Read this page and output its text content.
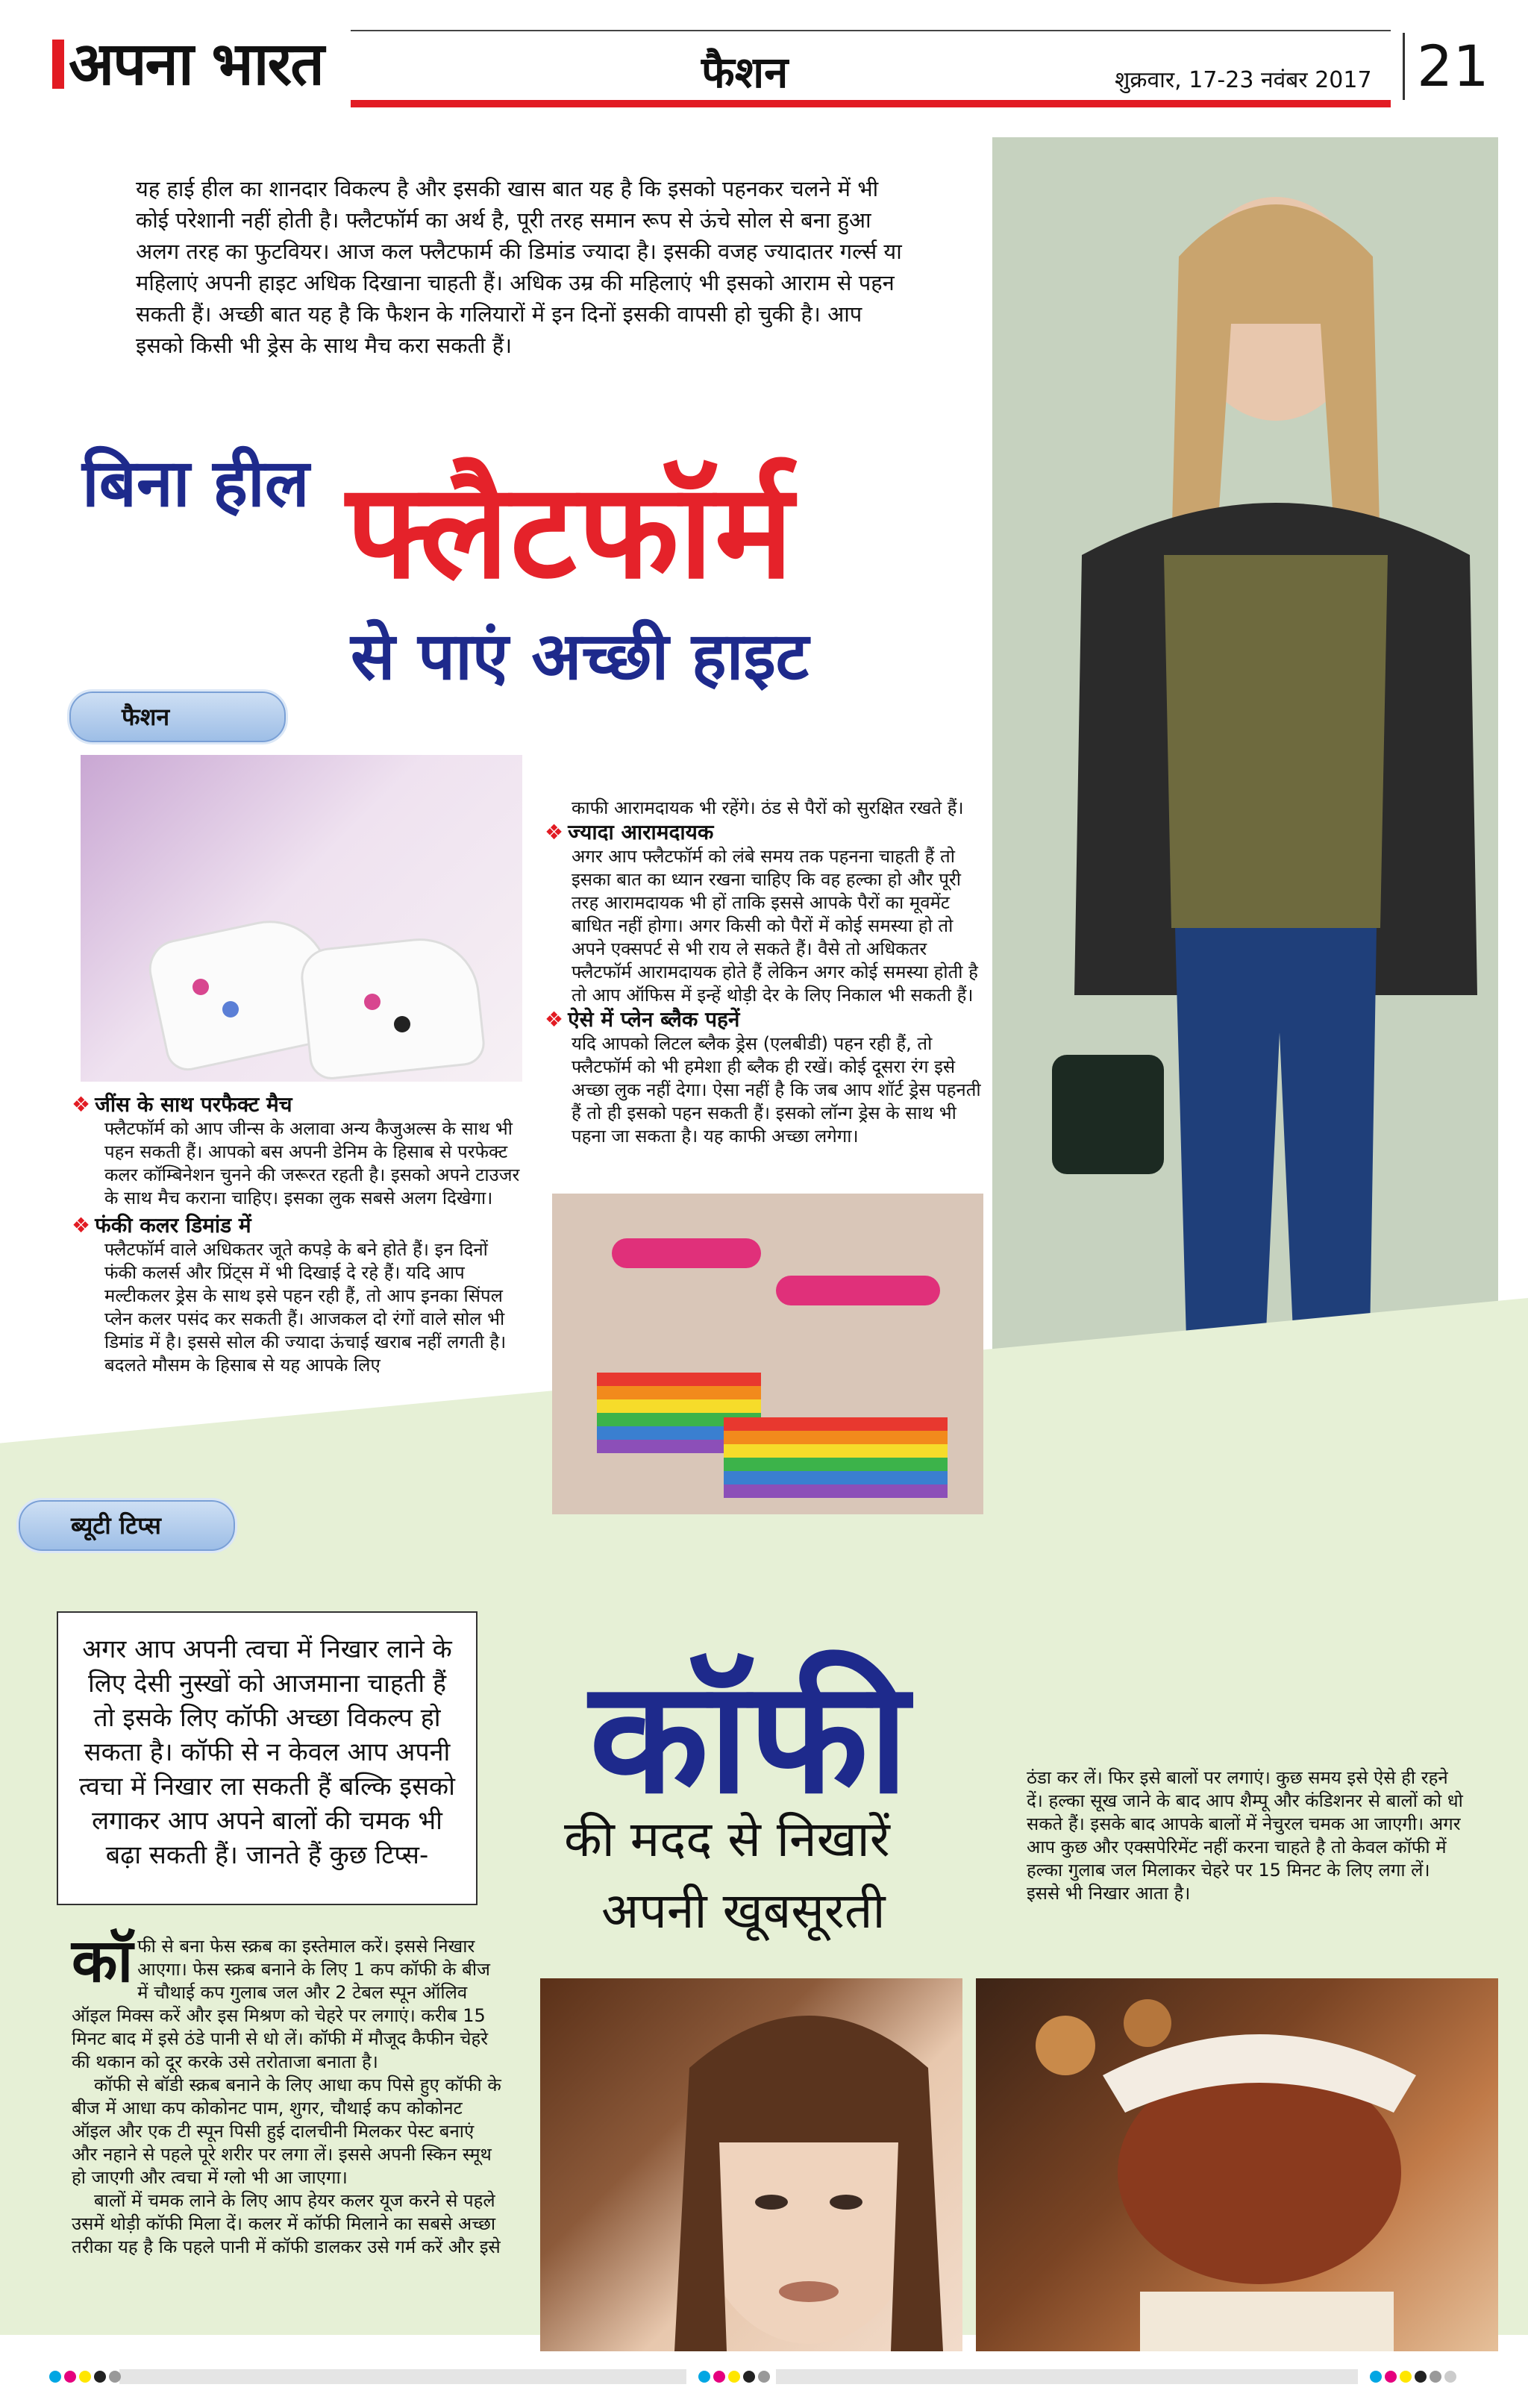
अपना भारत	फैशन	शुक्रवार, 17-23 नवंबर 2017 21
यह हाई हील का शानदार विकल्प है और इसकी खास बात यह है कि इसको पहनकर चलने में भी कोई परेशानी नहीं होती है। फ्लैटफॉर्म का अर्थ है, पूरी तरह समान रूप से ऊंचे सोल से बना हुआ अलग तरह का फुटवियर। आज कल फ्लैटफार्म की डिमांड ज्यादा है। इसकी वजह ज्यादातर गर्ल्स या महिलाएं अपनी हाइट अधिक दिखाना चाहती हैं। अधिक उम्र की महिलाएं भी इसको आराम से पहन सकती हैं। अच्छी बात यह है कि फैशन के गलियारों में इन दिनों इसकी वापसी हो चुकी है। आप इसको किसी भी ड्रेस के साथ मैच करा सकती हैं।
बिना हील फ्लैटफॉर्म
से पाएं अच्छी हाइट
फैशन
❖ जींस के साथ परफैक्ट मैच
फ्लैटफॉर्म को आप जीन्स के अलावा अन्य कैजुअल्स के साथ भी पहन सकती हैं। आपको बस अपनी डेनिम के हिसाब से परफेक्ट कलर कॉम्बिनेशन चुनने की जरूरत रहती है। इसको अपने टाउजर के साथ मैच कराना चाहिए। इसका लुक सबसे अलग दिखेगा।
❖ फंकी कलर डिमांड में
फ्लैटफॉर्म वाले अधिकतर जूते कपड़े के बने होते हैं। इन दिनों फंकी कलर्स और प्रिंट्स में भी दिखाई दे रहे हैं। यदि आप मल्टीकलर ड्रेस के साथ इसे पहन रही हैं, तो आप इनका सिंपल प्लेन कलर पसंद कर सकती हैं। आजकल दो रंगों वाले सोल भी डिमांड में है। इससे सोल की ज्यादा ऊंचाई खराब नहीं लगती है। बदलते मौसम के हिसाब से यह आपके लिए
काफी आरामदायक भी रहेंगे। ठंड से पैरों को सुरक्षित रखते हैं।
❖ ज्यादा आरामदायक
अगर आप फ्लैटफॉर्म को लंबे समय तक पहनना चाहती हैं तो इसका बात का ध्यान रखना चाहिए कि वह हल्का हो और पूरी तरह आरामदायक भी हों ताकि इससे आपके पैरों का मूवमेंट बाधित नहीं होगा। अगर किसी को पैरों में कोई समस्या हो तो अपने एक्सपर्ट से भी राय ले सकते हैं। वैसे तो अधिकतर फ्लैटफॉर्म आरामदायक होते हैं लेकिन अगर कोई समस्या होती है तो आप ऑफिस में इन्हें थोड़ी देर के लिए निकाल भी सकती हैं।
❖ ऐसे में प्लेन ब्लैक पहनें
यदि आपको लिटल ब्लैक ड्रेस (एलबीडी) पहन रही हैं, तो फ्लैटफॉर्म को भी हमेशा ही ब्लैक ही रखें। कोई दूसरा रंग इसे अच्छा लुक नहीं देगा। ऐसा नहीं है कि जब आप शॉर्ट ड्रेस पहनती हैं तो ही इसको पहन सकती हैं। इसको लॉन्ग ड्रेस के साथ भी पहना जा सकता है। यह काफी अच्छा लगेगा।
ब्यूटी टिप्स

अगर आप अपनी त्वचा में निखार लाने के लिए देसी नुस्खों को आजमाना चाहती हैं तो इसके लिए कॉफी अच्छा विकल्प हो सकता है। कॉफी से न केवल आप अपनी त्वचा में निखार ला सकती हैं बल्कि इसको लगाकर आप अपने बालों की चमक भी बढ़ा सकती हैं। जानते हैं कुछ टिप्स-

कॉफी
की मदद से निखारें
अपनी खूबसूरती
ठंडा कर लें। फिर इसे बालों पर लगाएं। कुछ समय इसे ऐसे ही रहने दें। हल्का सूख जाने के बाद आप शैम्पू और कंडिशनर से बालों को धो सकते हैं। इसके बाद आपके बालों में नेचुरल चमक आ जाएगी। अगर आप कुछ और एक्सपेरिमेंट नहीं करना चाहते है तो केवल कॉफी में हल्का गुलाब जल मिलाकर चेहरे पर 15 मिनट के लिए लगा लें। इससे भी निखार आता है।

कॉफी से बना फेस स्क्रब का इस्तेमाल करें। इससे निखार आएगा। फेस स्क्रब बनाने के लिए 1 कप कॉफी के बीज में चौथाई कप गुलाब जल और 2 टेबल स्पून ऑलिव ऑइल मिक्स करें और इस मिश्रण को चेहरे पर लगाएं। करीब 15 मिनट बाद में इसे ठंडे पानी से धो लें। कॉफी में मौजूद कैफीन चेहरे की थकान को दूर करके उसे तरोताजा बनाता है।

कॉफी से बॉडी स्क्रब बनाने के लिए आधा कप पिसे हुए कॉफी के बीज में आधा कप कोकोनट पाम, शुगर, चौथाई कप कोकोनट ऑइल और एक टी स्पून पिसी हुई दालचीनी मिलकर पेस्ट बनाएं और नहाने से पहले पूरे शरीर पर लगा लें। इससे अपनी स्किन स्मूथ हो जाएगी और त्वचा में ग्लो भी आ जाएगा।

बालों में चमक लाने के लिए आप हेयर कलर यूज करने से पहले उसमें थोड़ी कॉफी मिला दें। कलर में कॉफी मिलाने का सबसे अच्छा तरीका यह है कि पहले पानी में कॉफी डालकर उसे गर्म करें और इसे
